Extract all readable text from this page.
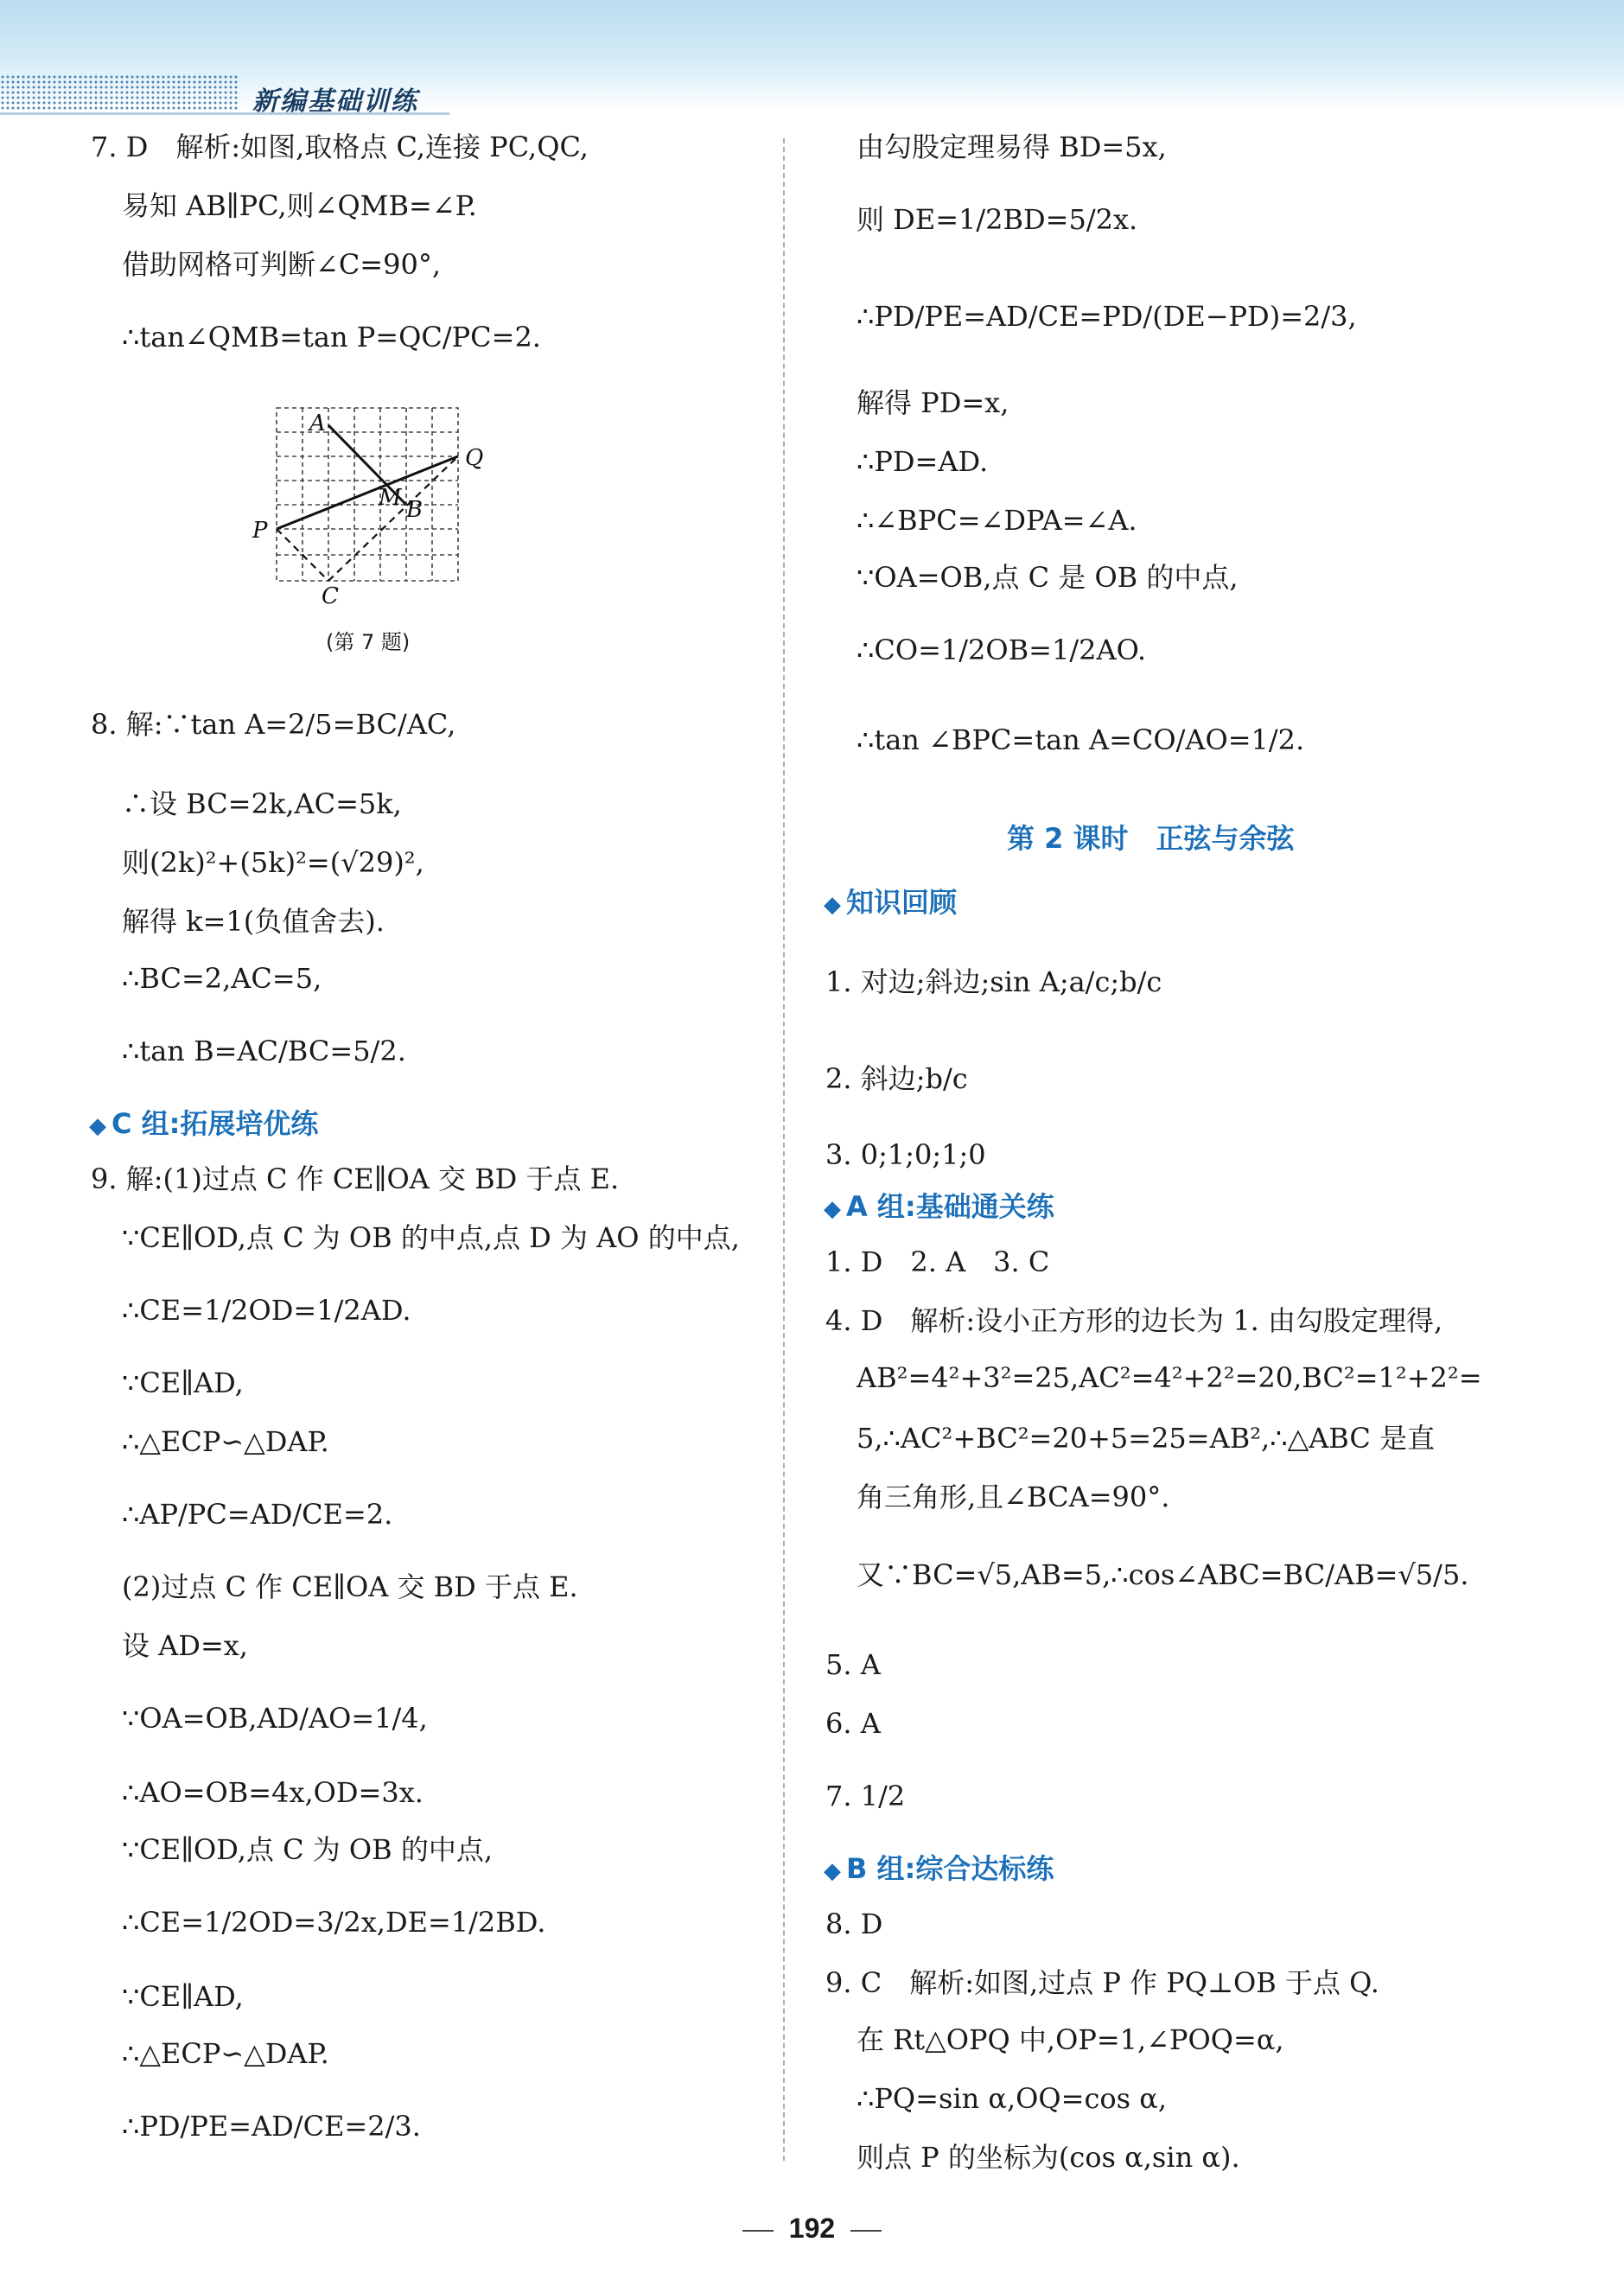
新编基础训练
7. D　解析:如图,取格点 C,连接 PC,QC,
易知 AB∥PC,则∠QMB=∠P.
借助网格可判断∠C=90°,
∴tan∠QMB=tan P=QC/PC=2.
A
Q
M B
P
C
(第 7 题)
8. 解:∵tan A=2/5=BC/AC,
∴设 BC=2k,AC=5k,
则(2k)²+(5k)²=(√29)²,
解得 k=1(负值舍去).
∴BC=2,AC=5,
∴tan B=AC/BC=5/2.
◆ C 组:拓展培优练
9. 解:(1)过点 C 作 CE∥OA 交 BD 于点 E.
∵CE∥OD,点 C 为 OB 的中点,点 D 为 AO 的中点,
∴CE=1/2OD=1/2AD.
∵CE∥AD,
∴△ECP∽△DAP.
∴AP/PC=AD/CE=2.
(2)过点 C 作 CE∥OA 交 BD 于点 E.
设 AD=x,
∵OA=OB,AD/AO=1/4,
∴AO=OB=4x,OD=3x.
∵CE∥OD,点 C 为 OB 的中点,
∴CE=1/2OD=3/2x,DE=1/2BD.
∵CE∥AD,
∴△ECP∽△DAP.
∴PD/PE=AD/CE=2/3.
由勾股定理易得 BD=5x,
则 DE=1/2BD=5/2x.
∴PD/PE=AD/CE=PD/(DE−PD)=2/3,
解得 PD=x,
∴PD=AD.
∴∠BPC=∠DPA=∠A.
∵OA=OB,点 C 是 OB 的中点,
∴CO=1/2OB=1/2AO.
∴tan ∠BPC=tan A=CO/AO=1/2.
第 2 课时　正弦与余弦
◆ 知识回顾
1. 对边;斜边;sin A;a/c;b/c
2. 斜边;b/c
3. 0;1;0;1;0
◆ A 组:基础通关练
1. D　2. A　3. C
4. D　解析:设小正方形的边长为 1. 由勾股定理得,
AB²=4²+3²=25,AC²=4²+2²=20,BC²=1²+2²=
5,∴AC²+BC²=20+5=25=AB²,∴△ABC 是直
角三角形,且∠BCA=90°.
又∵BC=√5,AB=5,∴cos∠ABC=BC/AB=√5/5.
5. A
6. A
7. 1/2
◆ B 组:综合达标练
8. D
9. C　解析:如图,过点 P 作 PQ⊥OB 于点 Q.
在 Rt△OPQ 中,OP=1,∠POQ=α,
∴PQ=sin α,OQ=cos α,
则点 P 的坐标为(cos α,sin α).
192
